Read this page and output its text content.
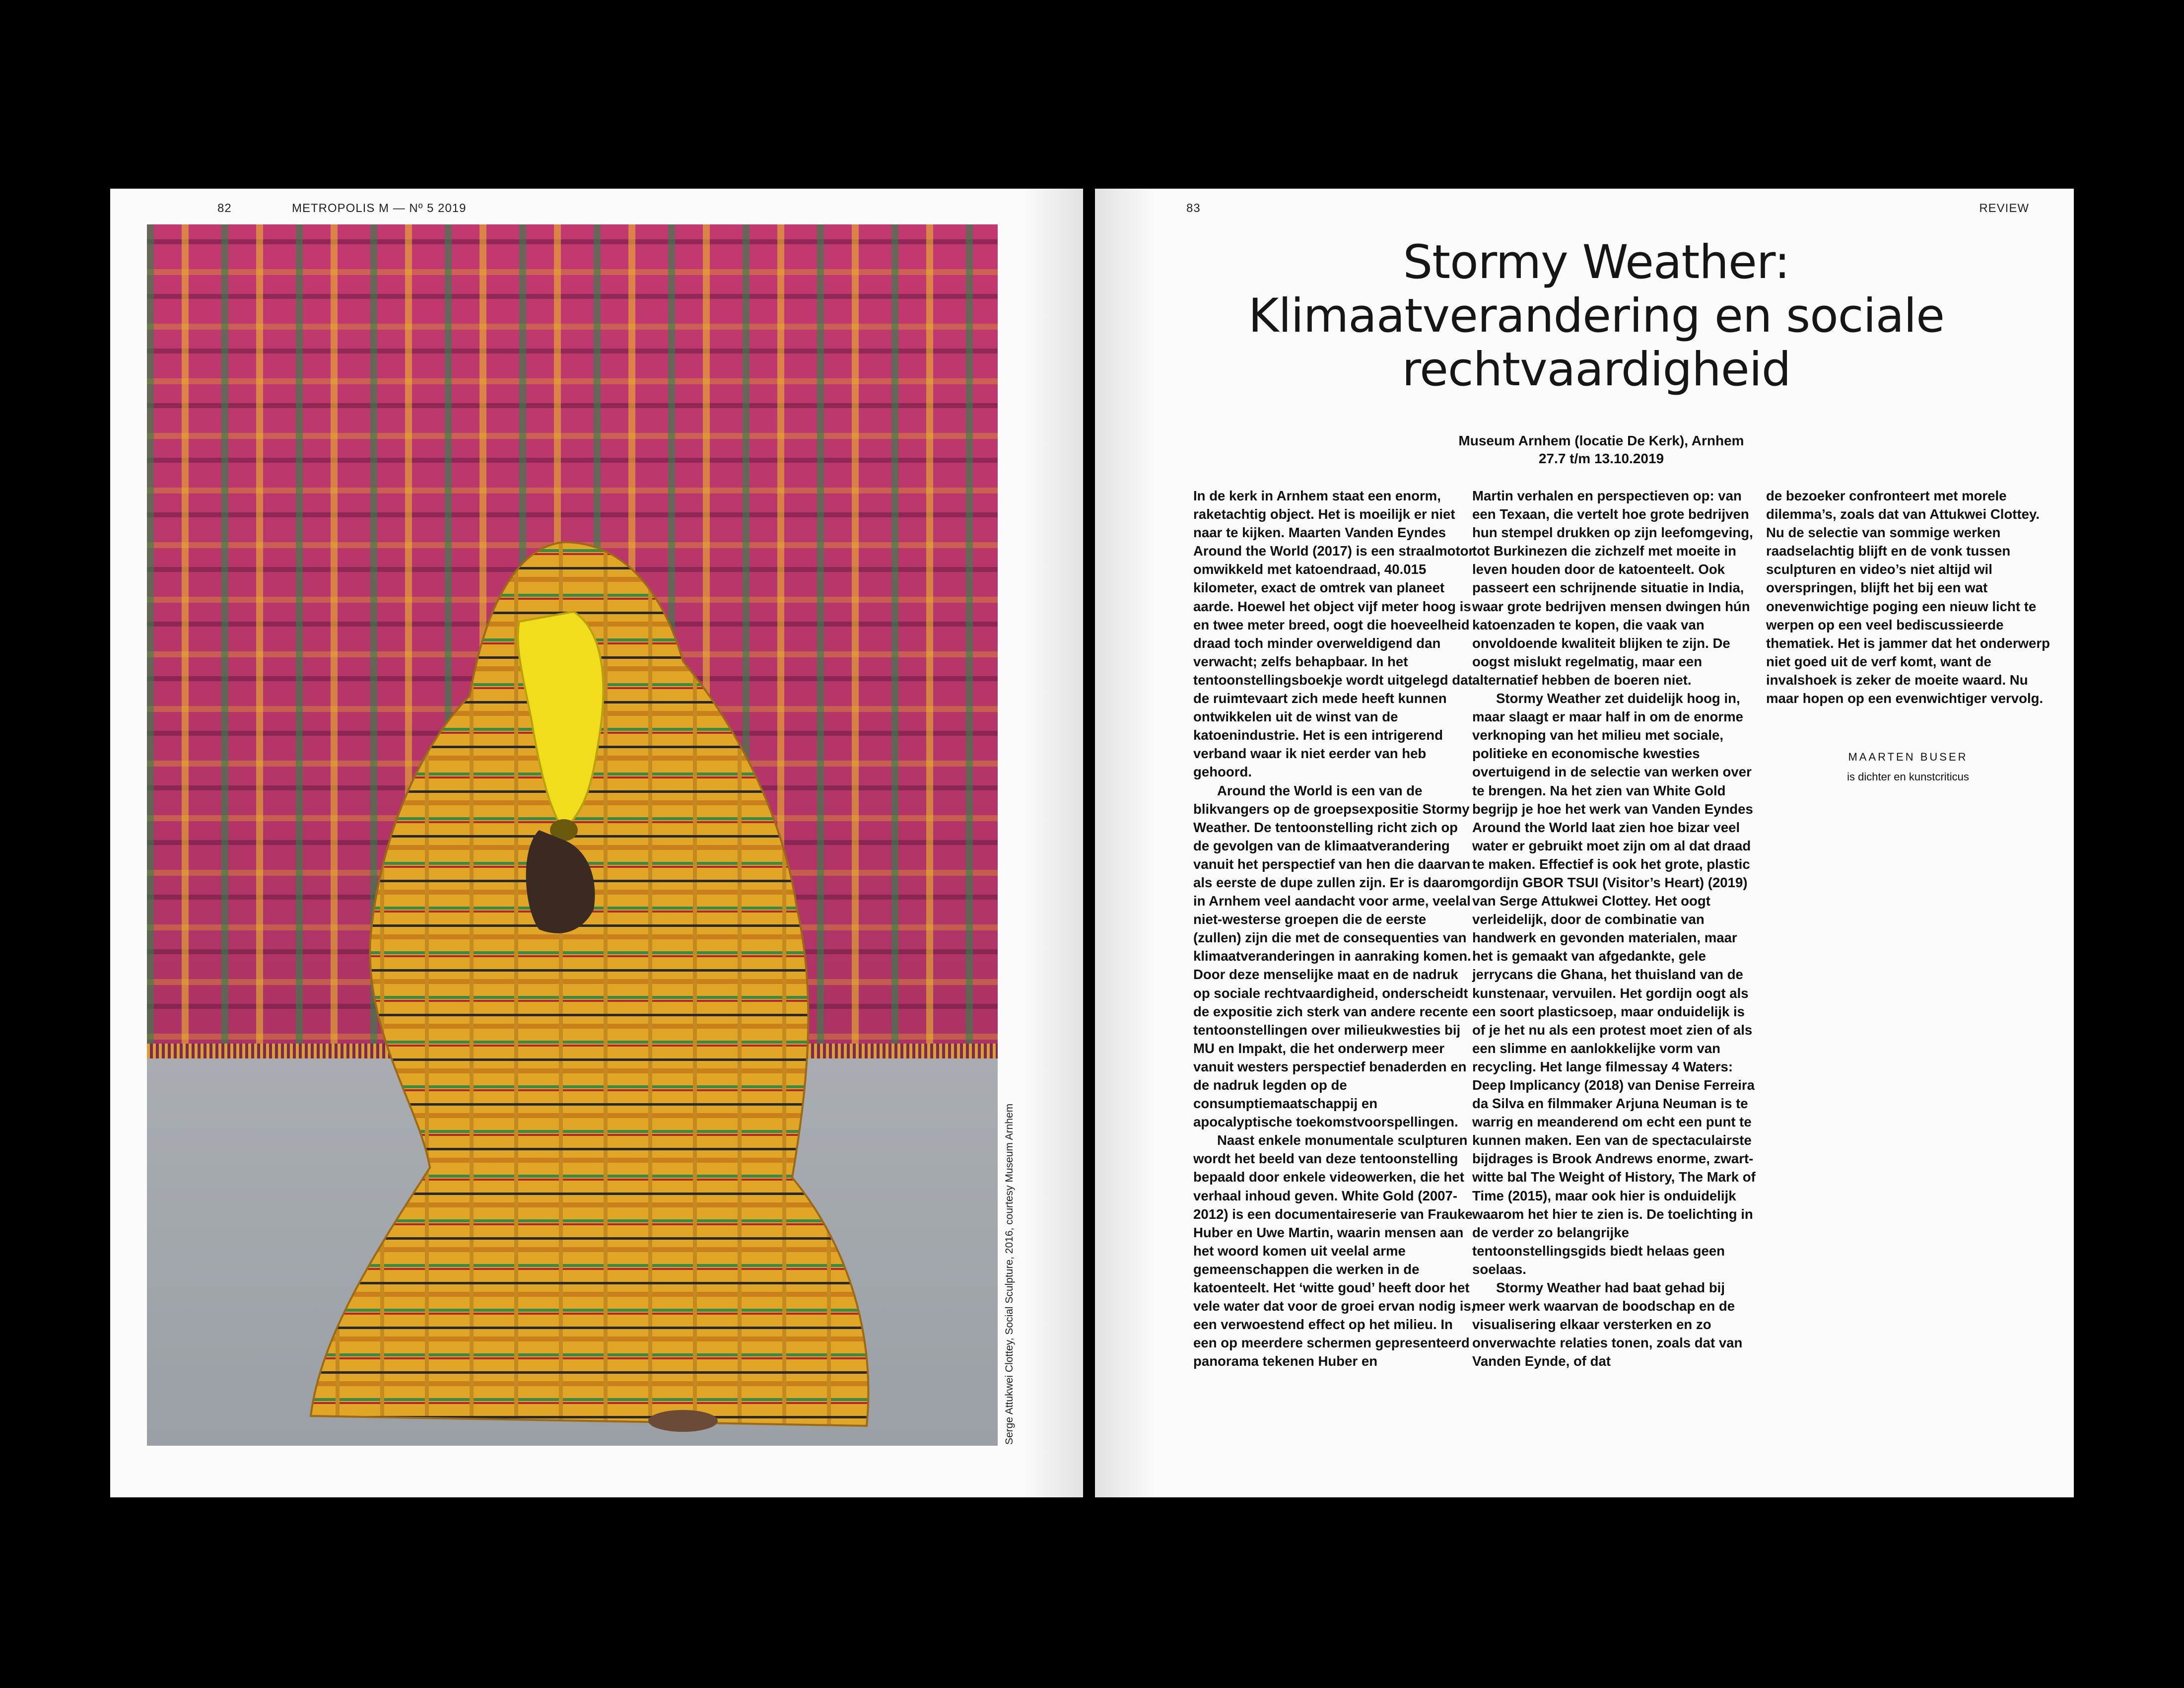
82	METROPOLIS M — Nº 5 2019
Serge Attukwei Clottey, Social Sculpture, 2016, courtesy Museum Arnhem
83	REVIEW
Stormy Weather:
Klimaatverandering en sociale
rechtvaardigheid
Museum Arnhem (locatie De Kerk), Arnhem
27.7 t/m 13.10.2019

In de kerk in Arnhem staat een enorm, raketachtig object. Het is moeilijk er niet naar te kijken. Maarten Vanden Eyndes Around the World (2017) is een straalmotor omwikkeld met katoendraad, 40.015 kilometer, exact de omtrek van planeet aarde. Hoewel het object vijf meter hoog is en twee meter breed, oogt die hoeveelheid draad toch minder overweldigend dan verwacht; zelfs behapbaar. In het tentoonstellingsboekje wordt uitgelegd dat de ruimtevaart zich mede heeft kunnen ontwikkelen uit de winst van de katoenindustrie. Het is een intrigerend verband waar ik niet eerder van heb gehoord.

Around the World is een van de blikvangers op de groepsexpositie Stormy Weather. De tentoonstelling richt zich op de gevolgen van de klimaatverandering vanuit het perspectief van hen die daarvan als eerste de dupe zullen zijn. Er is daarom in Arnhem veel aandacht voor arme, veelal niet-westerse groepen die de eerste (zullen) zijn die met de consequenties van klimaatveranderingen in aanraking komen. Door deze menselijke maat en de nadruk op sociale rechtvaardigheid, onderscheidt de expositie zich sterk van andere recente tentoonstellingen over milieukwesties bij MU en Impakt, die het onderwerp meer vanuit westers perspectief benaderden en de nadruk legden op de consumptiemaatschappij en apocalyptische toekomstvoorspellingen.

Naast enkele monumentale sculpturen wordt het beeld van deze tentoonstelling bepaald door enkele videowerken, die het verhaal inhoud geven. White Gold (2007-2012) is een documentaireserie van Frauke Huber en Uwe Martin, waarin mensen aan het woord komen uit veelal arme gemeenschappen die werken in de katoenteelt. Het ‘witte goud’ heeft door het vele water dat voor de groei ervan nodig is, een verwoestend effect op het milieu. In een op meerdere schermen gepresenteerd panorama tekenen Huber en

Martin verhalen en perspectieven op: van een Texaan, die vertelt hoe grote bedrijven hun stempel drukken op zijn leefomgeving, tot Burkinezen die zichzelf met moeite in leven houden door de katoenteelt. Ook passeert een schrijnende situatie in India, waar grote bedrijven mensen dwingen hún katoenzaden te kopen, die vaak van onvoldoende kwaliteit blijken te zijn. De oogst mislukt regelmatig, maar een alternatief hebben de boeren niet.

Stormy Weather zet duidelijk hoog in, maar slaagt er maar half in om de enorme verknoping van het milieu met sociale, politieke en economische kwesties overtuigend in de selectie van werken over te brengen. Na het zien van White Gold begrijp je hoe het werk van Vanden Eyndes Around the World laat zien hoe bizar veel water er gebruikt moet zijn om al dat draad te maken. Effectief is ook het grote, plastic gordijn GBOR TSUI (Visitor’s Heart) (2019) van Serge Attukwei Clottey. Het oogt verleidelijk, door de combinatie van handwerk en gevonden materialen, maar het is gemaakt van afgedankte, gele jerrycans die Ghana, het thuisland van de kunstenaar, vervuilen. Het gordijn oogt als een soort plasticsoep, maar onduidelijk is of je het nu als een protest moet zien of als een slimme en aanlokkelijke vorm van recycling. Het lange filmessay 4 Waters: Deep Implicancy (2018) van Denise Ferreira da Silva en filmmaker Arjuna Neuman is te warrig en meanderend om echt een punt te kunnen maken. Een van de spectaculairste bijdrages is Brook Andrews enorme, zwart-witte bal The Weight of History, The Mark of Time (2015), maar ook hier is onduidelijk waarom het hier te zien is. De toelichting in de verder zo belangrijke tentoonstellingsgids biedt helaas geen soelaas.

Stormy Weather had baat gehad bij meer werk waarvan de boodschap en de visualisering elkaar versterken en zo onverwachte relaties tonen, zoals dat van Vanden Eynde, of dat

de bezoeker confronteert met morele dilemma’s, zoals dat van Attukwei Clottey. Nu de selectie van sommige werken raadselachtig blijft en de vonk tussen sculpturen en video’s niet altijd wil overspringen, blijft het bij een wat onevenwichtige poging een nieuw licht te werpen op een veel bediscussieerde thematiek. Het is jammer dat het onderwerp niet goed uit de verf komt, want de invalshoek is zeker de moeite waard. Nu maar hopen op een evenwichtiger vervolg.

MAARTEN BUSER
is dichter en kunstcriticus
